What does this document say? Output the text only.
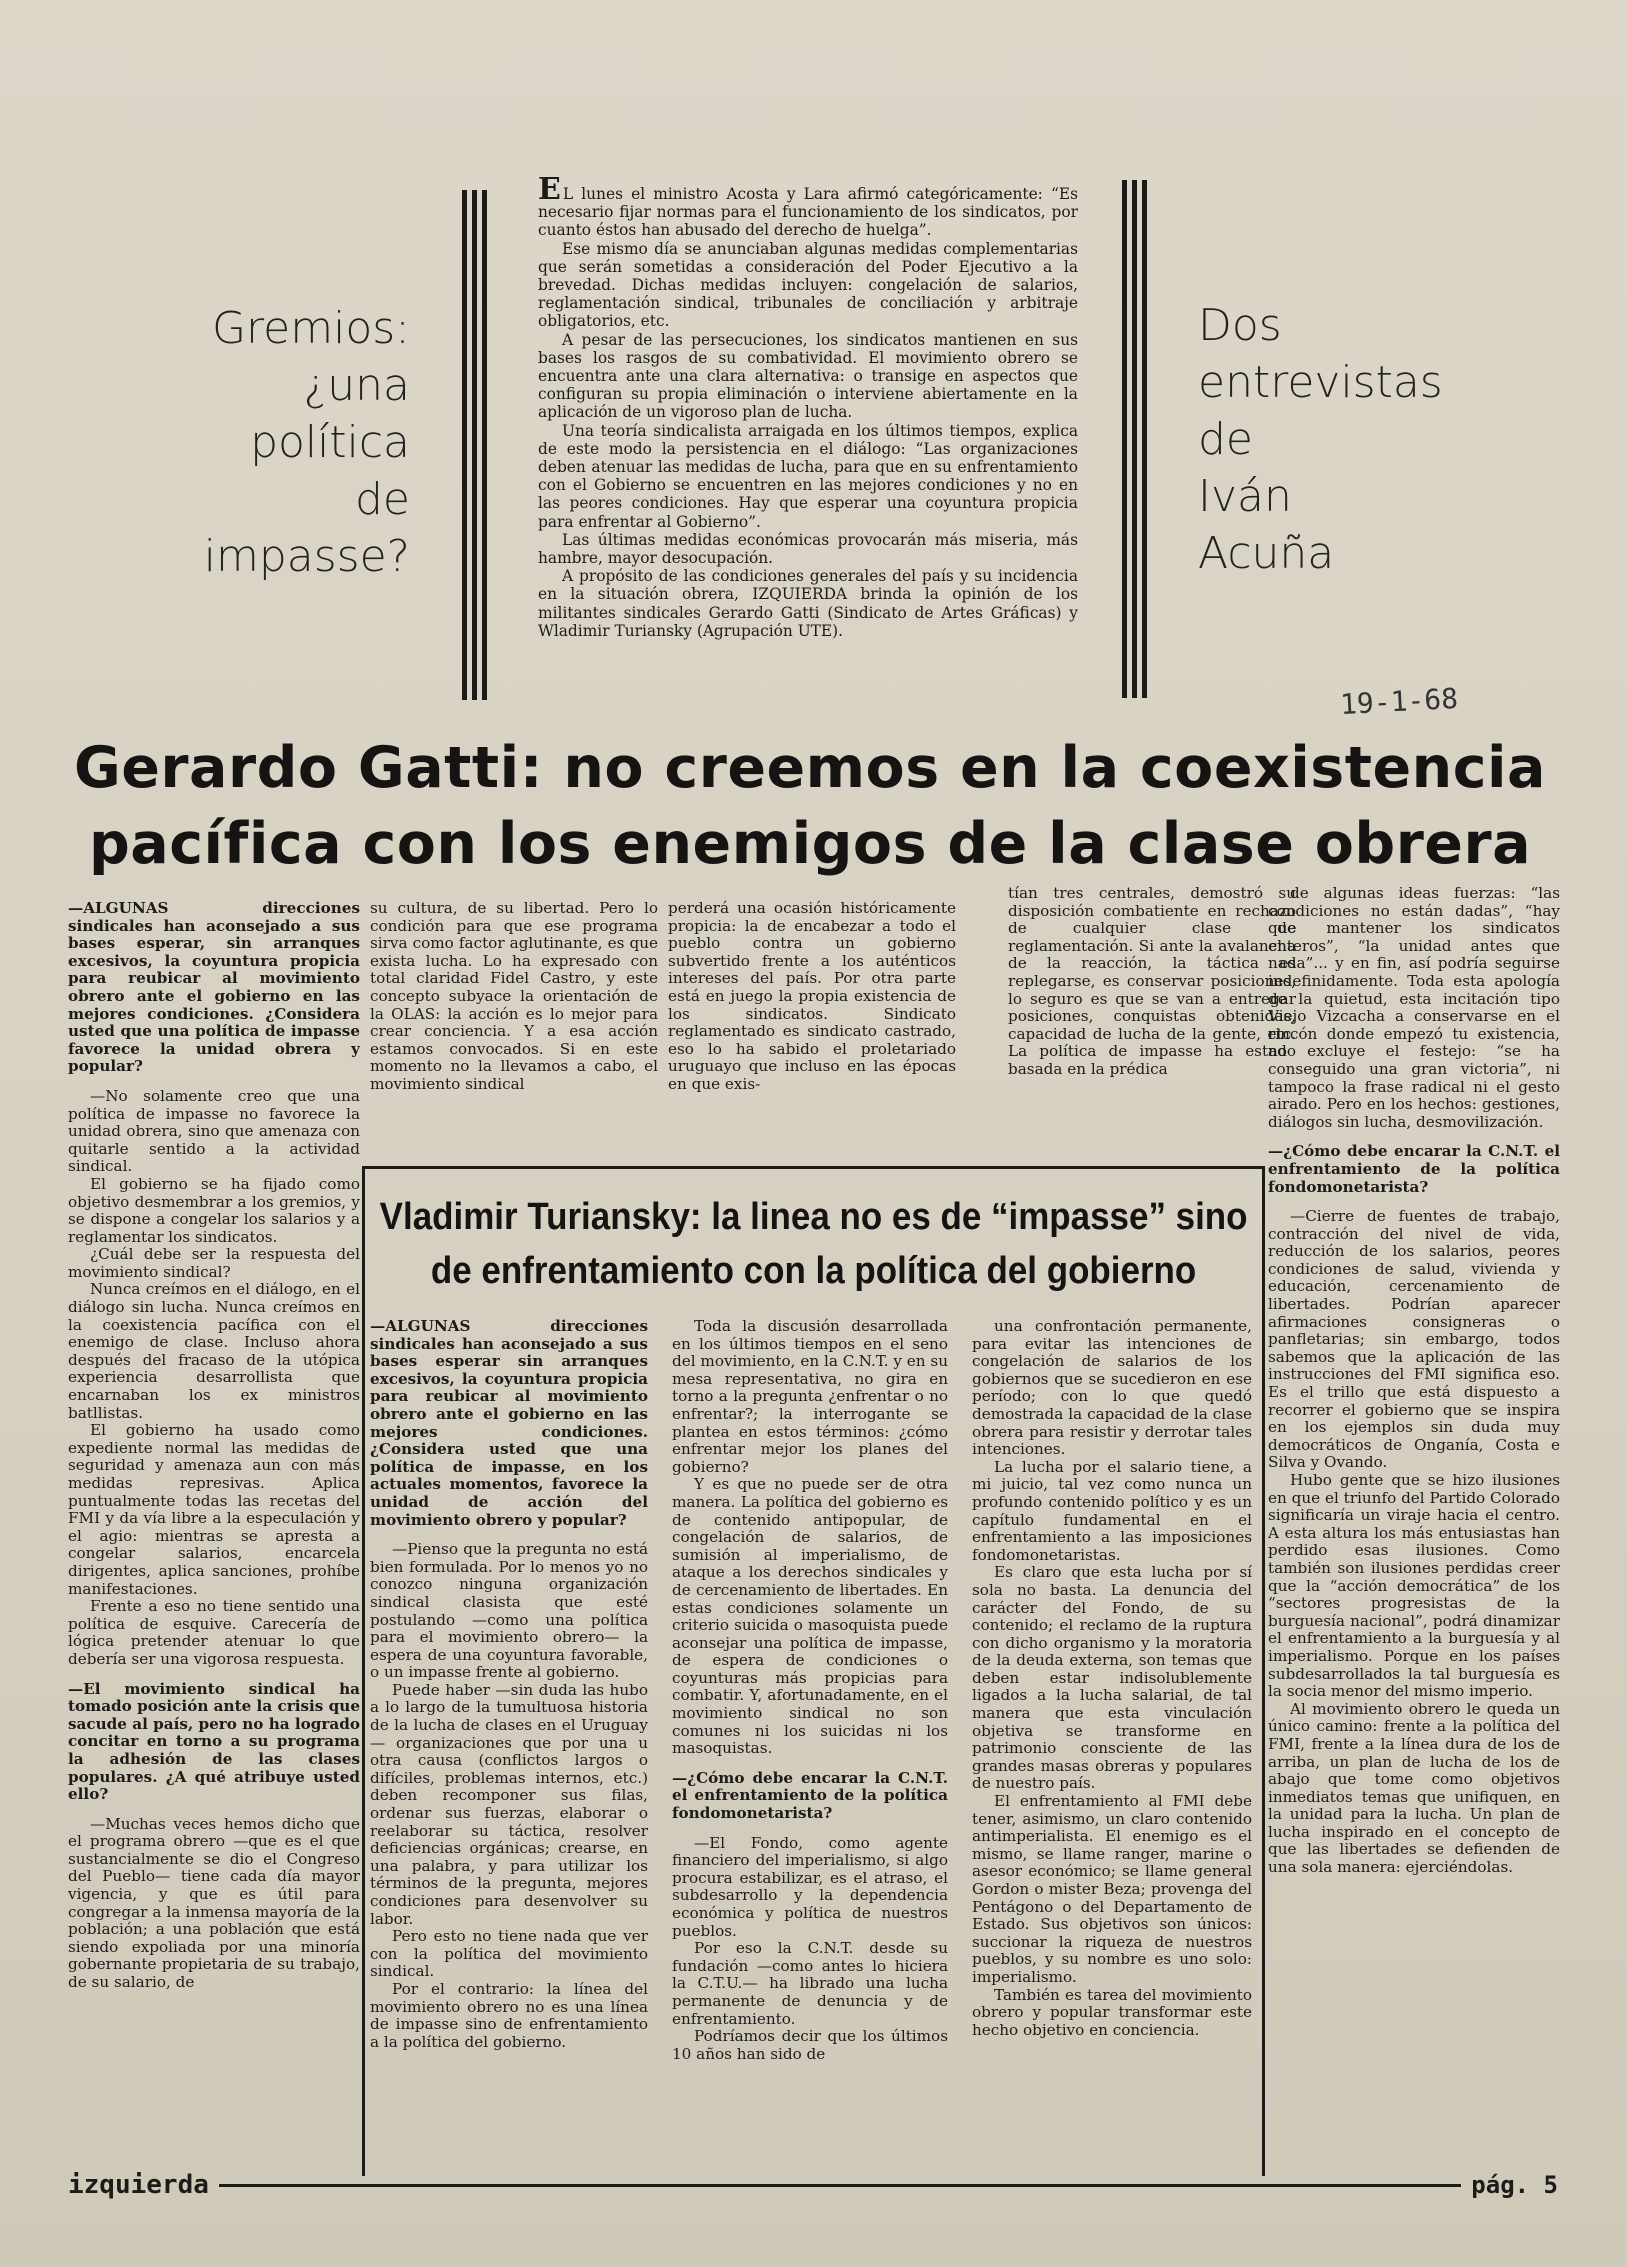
Gremios:
¿una
política
de
impasse?

E L lunes el ministro Acosta y Lara afirmó categóricamente: “Es necesario fijar normas para el funcionamiento de los sindicatos, por cuanto éstos han abusado del derecho de huelga”.

Ese mismo día se anunciaban algunas medidas complementarias que serán sometidas a consideración del Poder Ejecutivo a la brevedad. Dichas medidas incluyen: congelación de salarios, reglamentación sindical, tribunales de conciliación y arbitraje obligatorios, etc.

A pesar de las persecuciones, los sindicatos mantienen en sus bases los rasgos de su combatividad. El movimiento obrero se encuentra ante una clara alternativa: o transige en aspectos que configuran su propia eliminación o interviene abiertamente en la aplicación de un vigoroso plan de lucha.

Una teoría sindicalista arraigada en los últimos tiempos, explica de este modo la persistencia en el diálogo: “Las organizaciones deben atenuar las medidas de lucha, para que en su enfrentamiento con el Gobierno se encuentren en las mejores condiciones y no en las peores condiciones. Hay que esperar una coyuntura propicia para enfrentar al Gobierno”.

Las últimas medidas económicas provocarán más miseria, más hambre, mayor desocupación.

A propósito de las condiciones generales del país y su incidencia en la situación obrera, IZQUIERDA brinda la opinión de los militantes sindicales Gerardo Gatti (Sindicato de Artes Gráficas) y Wladimir Turiansky (Agrupación UTE).

Dos
entrevistas
de
Iván
Acuña
19-1-68
Gerardo Gatti: no creemos en la coexistencia pacífica con los enemigos de la clase obrera

—ALGUNAS direcciones sindicales han aconsejado a sus bases esperar, sin arranques excesivos, la coyuntura propicia para reubicar al movimiento obrero ante el gobierno en las mejores condiciones. ¿Considera usted que una política de impasse favorece la unidad obrera y popular?

—No solamente creo que una política de impasse no favorece la unidad obrera, sino que amenaza con quitarle sentido a la actividad sindical.

El gobierno se ha fijado como objetivo desmembrar a los gremios, y se dispone a congelar los salarios y a reglamentar los sindicatos.

¿Cuál debe ser la respuesta del movimiento sindical?

Nunca creímos en el diálogo, en el diálogo sin lucha. Nunca creímos en la coexistencia pacífica con el enemigo de clase. Incluso ahora después del fracaso de la utópica experiencia desarrollista que encarnaban los ex ministros batllistas.

El gobierno ha usado como expediente normal las medidas de seguridad y amenaza aun con más medidas represivas. Aplica puntualmente todas las recetas del FMI y da vía libre a la especulación y el agio: mientras se apresta a congelar salarios, encarcela dirigentes, aplica sanciones, prohíbe manifestaciones.

Frente a eso no tiene sentido una política de esquive. Carecería de lógica pretender atenuar lo que debería ser una vigorosa respuesta.

—El movimiento sindical ha tomado posición ante la crisis que sacude al país, pero no ha logrado concitar en torno a su programa la adhesión de las clases populares. ¿A qué atribuye usted ello?

—Muchas veces hemos dicho que el programa obrero —que es el que sustancialmente se dio el Congreso del Pueblo— tiene cada día mayor vigencia, y que es útil para congregar a la inmensa mayoría de la población; a una población que está siendo expoliada por una minoría gobernante propietaria de su trabajo, de su salario, de

su cultura, de su libertad. Pero lo condición para que ese programa sirva como factor aglutinante, es que exista lucha. Lo ha expresado con total claridad Fidel Castro, y este concepto subyace la orientación de la OLAS: la acción es lo mejor para crear conciencia. Y a esa acción estamos convocados. Si en este momento no la llevamos a cabo, el movimiento sindical

perderá una ocasión históricamente propicia: la de encabezar a todo el pueblo contra un gobierno subvertido frente a los auténticos intereses del país. Por otra parte está en juego la propia existencia de los sindicatos. Sindicato reglamentado es sindicato castrado, eso lo ha sabido el proletariado uruguayo que incluso en las épocas en que exis-

tían tres centrales, demostró su disposición combatiente en rechazo de cualquier clase de reglamentación. Si ante la avalancha de la reacción, la táctica es replegarse, es conservar posiciones, lo seguro es que se van a entregar posiciones, conquistas obtenidas, capacidad de lucha de la gente, etc. La política de impasse ha estado basada en la prédica

de algunas ideas fuerzas: “las condiciones no están dadas”, “hay que mantener los sindicatos enteros”, “la unidad antes que nada”... y en fin, así podría seguirse indefinidamente. Toda esta apología de la quietud, esta incitación tipo Viejo Vizcacha a conservarse en el rincón donde empezó tu existencia, no excluye el festejo: “se ha conseguido una gran victoria”, ni tampoco la frase radical ni el gesto airado. Pero en los hechos: gestiones, diálogos sin lucha, desmovilización.

—¿Cómo debe encarar la C.N.T. el enfrentamiento de la política fondomonetarista?

—Cierre de fuentes de trabajo, contracción del nivel de vida, reducción de los salarios, peores condiciones de salud, vivienda y educación, cercenamiento de libertades. Podrían aparecer afirmaciones consigneras o panfletarias; sin embargo, todos sabemos que la aplicación de las instrucciones del FMI significa eso. Es el trillo que está dispuesto a recorrer el gobierno que se inspira en los ejemplos sin duda muy democráticos de Onganía, Costa e Silva y Ovando.

Hubo gente que se hizo ilusiones en que el triunfo del Partido Colorado significaría un viraje hacia el centro. A esta altura los más entusiastas han perdido esas ilusiones. Como también son ilusiones perdidas creer que la “acción democrática” de los “sectores progresistas de la burguesía nacional”, podrá dinamizar el enfrentamiento a la burguesía y al imperialismo. Porque en los países subdesarrollados la tal burguesía es la socia menor del mismo imperio.

Al movimiento obrero le queda un único camino: frente a la política del FMI, frente a la línea dura de los de arriba, un plan de lucha de los de abajo que tome como objetivos inmediatos temas que unifiquen, en la unidad para la lucha. Un plan de lucha inspirado en el concepto de que las libertades se defienden de una sola manera: ejerciéndolas.

Vladimir Turiansky: la linea no es de “impasse” sino de enfrentamiento con la política del gobierno

—ALGUNAS direcciones sindicales han aconsejado a sus bases esperar sin arranques excesivos, la coyuntura propicia para reubicar al movimiento obrero ante el gobierno en las mejores condiciones. ¿Considera usted que una política de impasse, en los actuales momentos, favorece la unidad de acción del movimiento obrero y popular?

—Pienso que la pregunta no está bien formulada. Por lo menos yo no conozco ninguna organización sindical clasista que esté postulando —como una política para el movimiento obrero— la espera de una coyuntura favorable, o un impasse frente al gobierno.

Puede haber —sin duda las hubo a lo largo de la tumultuosa historia de la lucha de clases en el Uruguay— organizaciones que por una u otra causa (conflictos largos o difíciles, problemas internos, etc.) deben recomponer sus filas, ordenar sus fuerzas, elaborar o reelaborar su táctica, resolver deficiencias orgánicas; crearse, en una palabra, y para utilizar los términos de la pregunta, mejores condiciones para desenvolver su labor.

Pero esto no tiene nada que ver con la política del movimiento sindical.

Por el contrario: la línea del movimiento obrero no es una línea de impasse sino de enfrentamiento a la política del gobierno.

Toda la discusión desarrollada en los últimos tiempos en el seno del movimiento, en la C.N.T. y en su mesa representativa, no gira en torno a la pregunta ¿enfrentar o no enfrentar?; la interrogante se plantea en estos términos: ¿cómo enfrentar mejor los planes del gobierno?

Y es que no puede ser de otra manera. La política del gobierno es de contenido antipopular, de congelación de salarios, de sumisión al imperialismo, de ataque a los derechos sindicales y de cercenamiento de libertades. En estas condiciones solamente un criterio suicida o masoquista puede aconsejar una política de impasse, de espera de condiciones o coyunturas más propicias para combatir. Y, afortunadamente, en el movimiento sindical no son comunes ni los suicidas ni los masoquistas.

—¿Cómo debe encarar la C.N.T. el enfrentamiento de la política fondomonetarista?

—El Fondo, como agente financiero del imperialismo, si algo procura estabilizar, es el atraso, el subdesarrollo y la dependencia económica y política de nuestros pueblos.

Por eso la C.N.T. desde su fundación —como antes lo hiciera la C.T.U.— ha librado una lucha permanente de denuncia y de enfrentamiento.

Podríamos decir que los últimos 10 años han sido de

una confrontación permanente, para evitar las intenciones de congelación de salarios de los gobiernos que se sucedieron en ese período; con lo que quedó demostrada la capacidad de la clase obrera para resistir y derrotar tales intenciones.

La lucha por el salario tiene, a mi juicio, tal vez como nunca un profundo contenido político y es un capítulo fundamental en el enfrentamiento a las imposiciones fondomonetaristas.

Es claro que esta lucha por sí sola no basta. La denuncia del carácter del Fondo, de su contenido; el reclamo de la ruptura con dicho organismo y la moratoria de la deuda externa, son temas que deben estar indisolublemente ligados a la lucha salarial, de tal manera que esta vinculación objetiva se transforme en patrimonio consciente de las grandes masas obreras y populares de nuestro país.

El enfrentamiento al FMI debe tener, asimismo, un claro contenido antimperialista. El enemigo es el mismo, se llame ranger, marine o asesor económico; se llame general Gordon o mister Beza; provenga del Pentágono o del Departamento de Estado. Sus objetivos son únicos: succionar la riqueza de nuestros pueblos, y su nombre es uno solo: imperialismo.

También es tarea del movimiento obrero y popular transformar este hecho objetivo en conciencia.

izquierda	pág. 5
